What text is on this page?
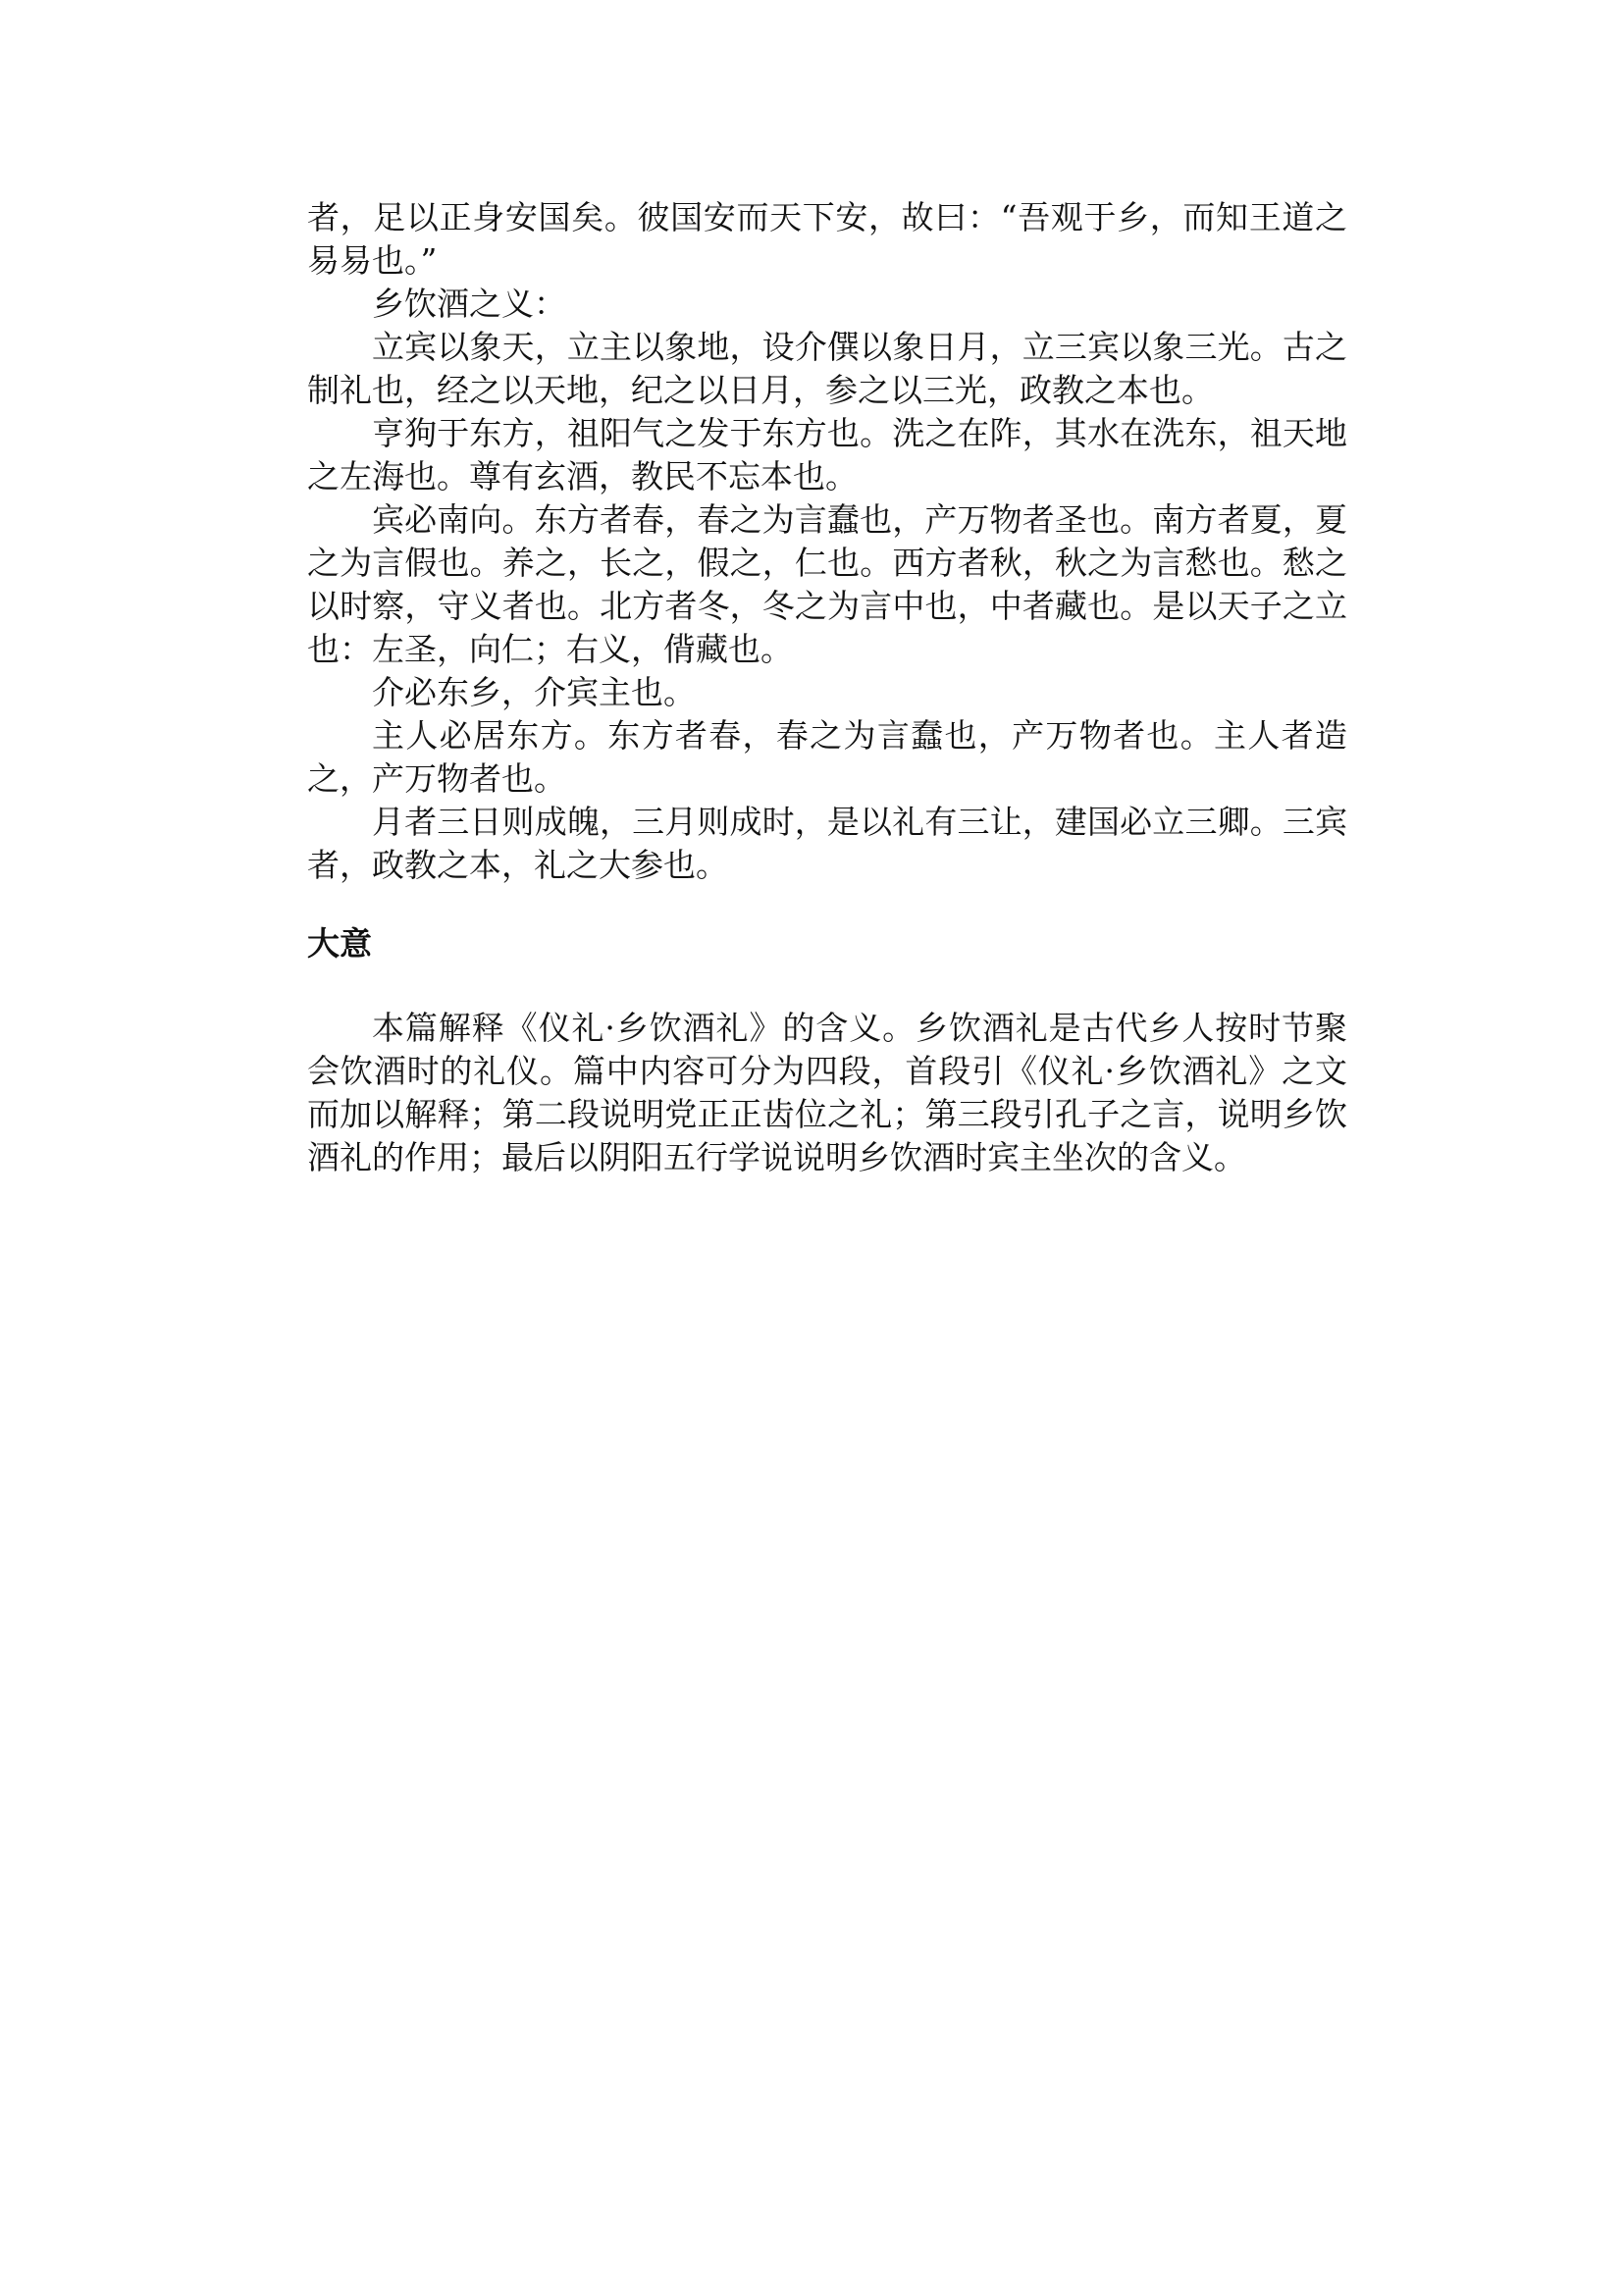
者，足以正身安国矣。彼国安而天下安，故曰：“吾观于乡，而知王道之易易也。”

乡饮酒之义：

立宾以象天，立主以象地，设介僎以象日月，立三宾以象三光。古之制礼也，经之以天地，纪之以日月，参之以三光，政教之本也。

亨狗于东方，祖阳气之发于东方也。洗之在阼，其水在洗东，祖天地之左海也。尊有玄酒，教民不忘本也。

宾必南向。东方者春，春之为言蠢也，产万物者圣也。南方者夏，夏之为言假也。养之，长之，假之，仁也。西方者秋，秋之为言愁也。愁之以时察，守义者也。北方者冬，冬之为言中也，中者藏也。是以天子之立也：左圣，向仁；右义，偝藏也。

介必东乡，介宾主也。

主人必居东方。东方者春，春之为言蠢也，产万物者也。主人者造之，产万物者也。

月者三日则成魄，三月则成时，是以礼有三让，建国必立三卿。三宾者，政教之本，礼之大参也。

大意

本篇解释《仪礼·乡饮酒礼》的含义。乡饮酒礼是古代乡人按时节聚会饮酒时的礼仪。篇中内容可分为四段，首段引《仪礼·乡饮酒礼》之文而加以解释；第二段说明党正正齿位之礼；第三段引孔子之言，说明乡饮酒礼的作用；最后以阴阳五行学说说明乡饮酒时宾主坐次的含义。
